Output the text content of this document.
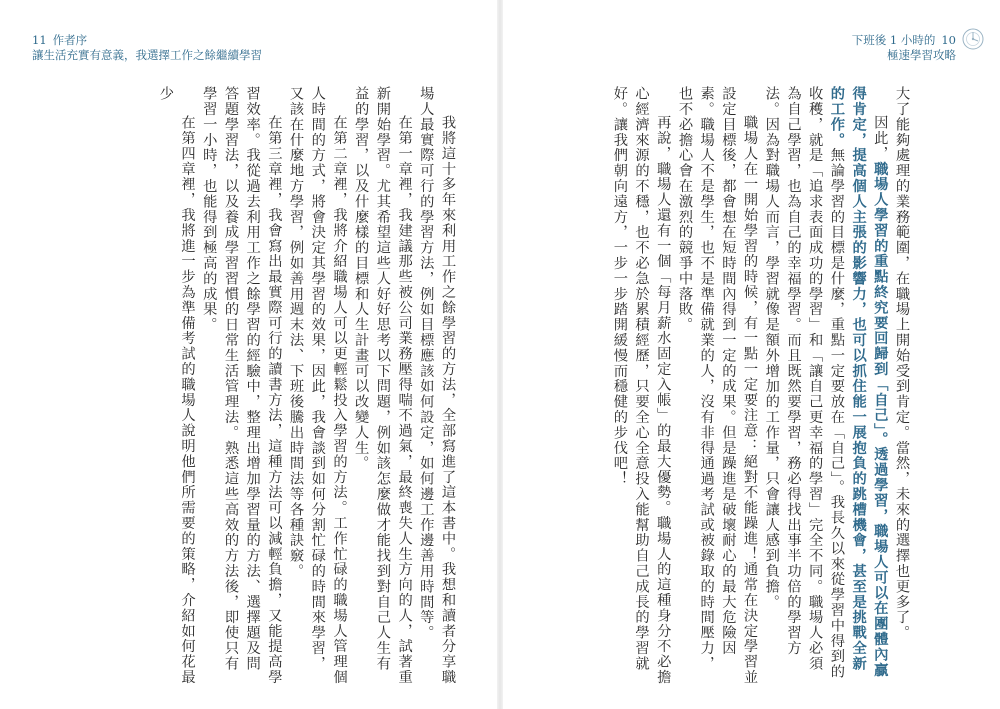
11 作者序
讓生活充實有意義，我選擇工作之餘繼續學習
下班後 1 小時的 10
極速學習攻略

大了能夠處理的業務範圍，在職場上開始受到肯定。當然，未來的選擇也更多了。

因此，職場人學習的重點終究要回歸到「自己」。透過學習，職場人可以在團體內贏得肯定，提高個人主張的影響力，也可以抓住能一展抱負的跳槽機會，甚至是挑戰全新的工作。無論學習的目標是什麼，重點一定要放在「自己」。我長久以來從學習中得到的收穫，就是「追求表面成功的學習」和「讓自己更幸福的學習」完全不同。職場人必須為自己學習，也為自己的幸福學習。而且既然要學習，務必得找出事半功倍的學習方法。因為對職場人而言，學習就像是額外增加的工作量，只會讓人感到負擔。

職場人在一開始學習的時候，有一點一定要注意：絕對不能躁進！通常在決定學習並設定目標後，都會想在短時間內得到一定的成果。但是躁進是破壞耐心的最大危險因素。職場人不是學生，也不是準備就業的人，沒有非得通過考試或被錄取的時間壓力，也不必擔心會在激烈的競爭中落敗。

再說，職場人還有一個「每月薪水固定入帳」的最大優勢。職場人的這種身分不必擔心經濟來源的不穩，也不必急於累積經歷，只要全心全意投入能幫助自己成長的學習就好。讓我們朝向遠方，一步一步踏開緩慢而穩健的步伐吧！

我將這十多年來利用工作之餘學習的方法，全部寫進了這本書中。我想和讀者分享職場人最實際可行的學習方法，例如目標應該如何設定，如何邊工作邊善用時間等。

在第一章裡，我建議那些被公司業務壓得喘不過氣，最終喪失人生方向的人，試著重新開始學習。尤其希望這些人好好思考以下問題，例如該怎麼做才能找到對自己人生有益的學習，以及什麼樣的目標和人生計畫可以改變人生。

在第二章裡，我將介紹職場人可以更輕鬆投入學習的方法。工作忙碌的職場人管理個人時間的方式，將會決定其學習的效果，因此，我會談到如何分割忙碌的時間來學習，又該在什麼地方學習，例如善用週末法、下班後騰出時間法等各種訣竅。

在第三章裡，我會寫出最實際可行的讀書方法，這種方法可以減輕負擔，又能提高學習效率。我從過去利用工作之餘學習的經驗中，整理出增加學習量的方法、選擇題及問答題學習法，以及養成學習習慣的日常生活管理法。熟悉這些高效的方法後，即使只有學習一小時，也能得到極高的成果。

在第四章裡，我將進一步為準備考試的職場人說明他們所需要的策略，介紹如何花最少
